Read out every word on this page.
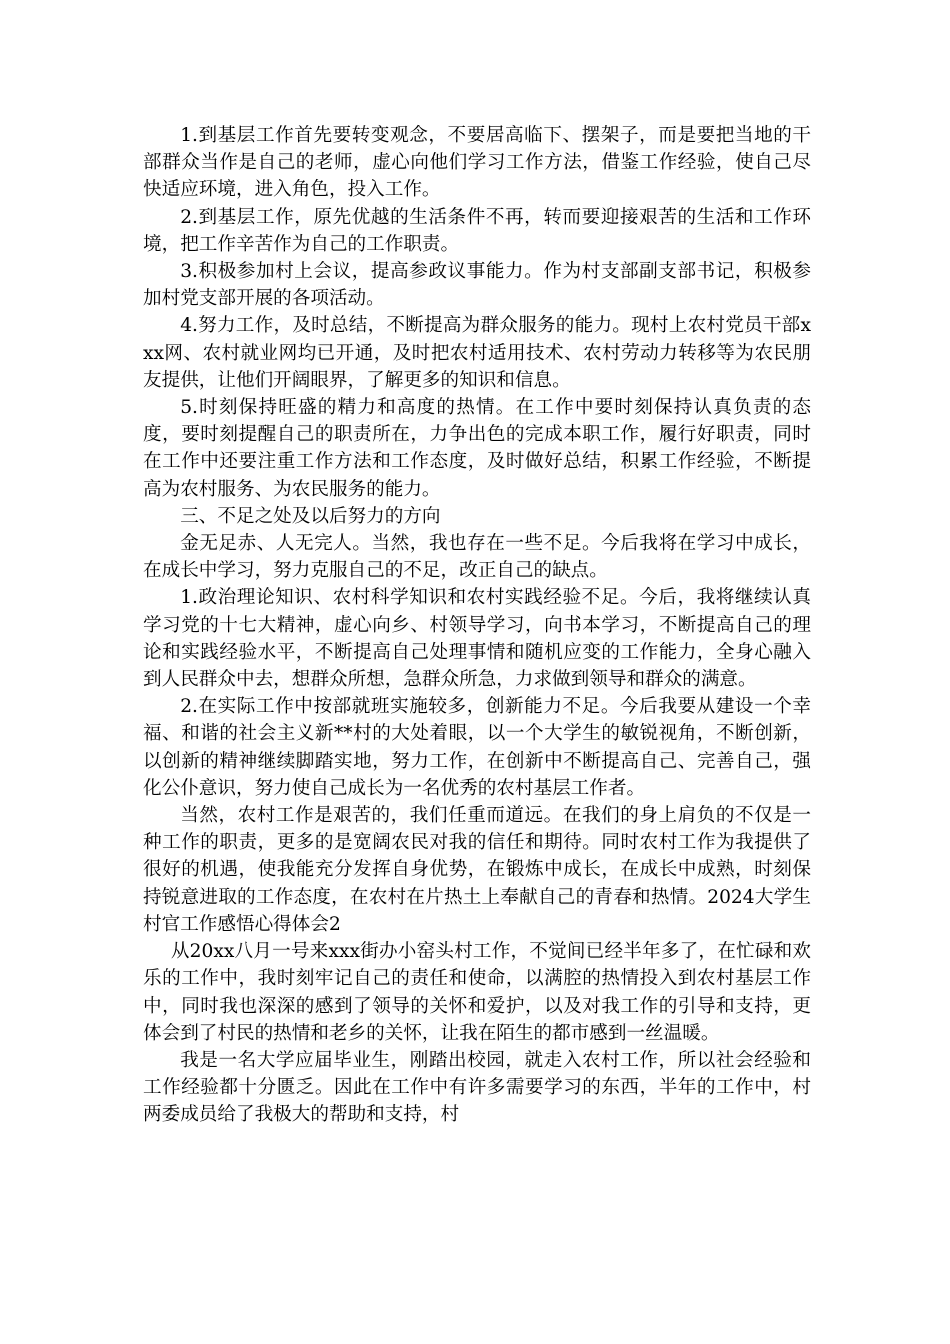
1.到基层工作首先要转变观念，不要居高临下、摆架子，而是要把当地的干部群众当作是自己的老师，虚心向他们学习工作方法，借鉴工作经验，使自己尽快适应环境，进入角色，投入工作。

2.到基层工作，原先优越的生活条件不再，转而要迎接艰苦的生活和工作环境，把工作辛苦作为自己的工作职责。

3.积极参加村上会议，提高参政议事能力。作为村支部副支部书记，积极参加村党支部开展的各项活动。

4.努力工作，及时总结，不断提高为群众服务的能力。现村上农村党员干部xxx网、农村就业网均已开通，及时把农村适用技术、农村劳动力转移等为农民朋友提供，让他们开阔眼界，了解更多的知识和信息。

5.时刻保持旺盛的精力和高度的热情。在工作中要时刻保持认真负责的态度，要时刻提醒自己的职责所在，力争出色的完成本职工作，履行好职责，同时在工作中还要注重工作方法和工作态度，及时做好总结，积累工作经验，不断提高为农村服务、为农民服务的能力。

三、不足之处及以后努力的方向

金无足赤、人无完人。当然，我也存在一些不足。今后我将在学习中成长，在成长中学习，努力克服自己的不足，改正自己的缺点。

1.政治理论知识、农村科学知识和农村实践经验不足。今后，我将继续认真学习党的十七大精神，虚心向乡、村领导学习，向书本学习，不断提高自己的理论和实践经验水平，不断提高自己处理事情和随机应变的工作能力，全身心融入到人民群众中去，想群众所想，急群众所急，力求做到领导和群众的满意。

2.在实际工作中按部就班实施较多，创新能力不足。今后我要从建设一个幸福、和谐的社会主义新**村的大处着眼，以一个大学生的敏锐视角，不断创新，以创新的精神继续脚踏实地，努力工作，在创新中不断提高自己、完善自己，强化公仆意识，努力使自己成长为一名优秀的农村基层工作者。

当然，农村工作是艰苦的，我们任重而道远。在我们的身上肩负的不仅是一种工作的职责，更多的是宽阔农民对我的信任和期待。同时农村工作为我提供了很好的机遇，使我能充分发挥自身优势，在锻炼中成长，在成长中成熟，时刻保持锐意进取的工作态度，在农村在片热土上奉献自己的青春和热情。2024大学生村官工作感悟心得体会2

从20xx八月一号来xxx街办小窑头村工作，不觉间已经半年多了，在忙碌和欢乐的工作中，我时刻牢记自己的责任和使命，以满腔的热情投入到农村基层工作中，同时我也深深的感到了领导的关怀和爱护，以及对我工作的引导和支持，更体会到了村民的热情和老乡的关怀，让我在陌生的都市感到一丝温暖。

我是一名大学应届毕业生，刚踏出校园，就走入农村工作，所以社会经验和工作经验都十分匮乏。因此在工作中有许多需要学习的东西，半年的工作中，村两委成员给了我极大的帮助和支持，村
